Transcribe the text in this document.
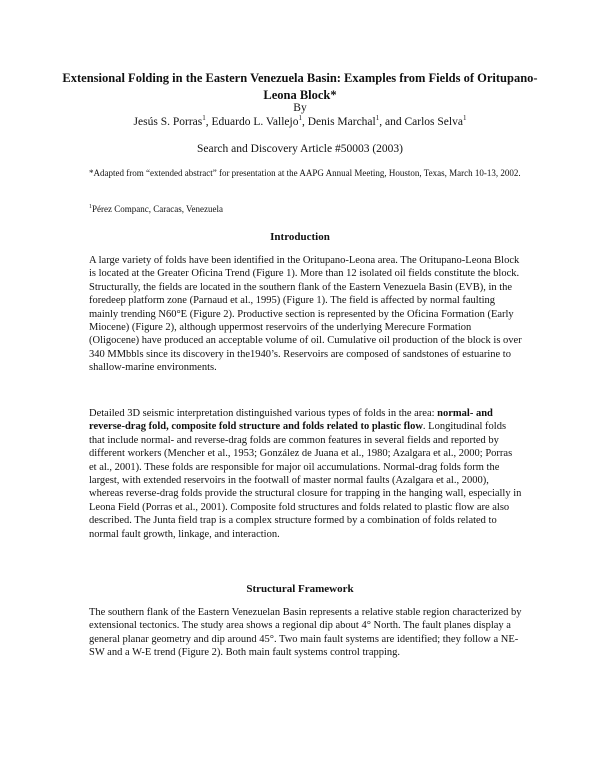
Extensional Folding in the Eastern Venezuela Basin: Examples from Fields of Oritupano-Leona Block*
By
Jesús S. Porras$^1$, Eduardo L. Vallejo$^1$, Denis Marchal$^1$, and Carlos Selva$^1$
Search and Discovery Article #50003 (2003)
*Adapted from “extended abstract” for presentation at the AAPG Annual Meeting, Houston, Texas, March 10-13, 2002.
$^1$Pérez Companc, Caracas, Venezuela
Introduction

A large variety of folds have been identified in the Oritupano-Leona area. The Oritupano-Leona Block is located at the Greater Oficina Trend (Figure 1). More than 12 isolated oil fields constitute the block. Structurally, the fields are located in the southern flank of the Eastern Venezuela Basin (EVB), in the foredeep platform zone (Parnaud et al., 1995) (Figure 1). The field is affected by normal faulting mainly trending N60°E (Figure 2). Productive section is represented by the Oficina Formation (Early Miocene) (Figure 2), although uppermost reservoirs of the underlying Merecure Formation (Oligocene) have produced an acceptable volume of oil. Cumulative oil production of the block is over 340 MMbbls since its discovery in the1940’s. Reservoirs are composed of sandstones of estuarine to shallow-marine environments.

Detailed 3D seismic interpretation distinguished various types of folds in the area: normal- and reverse-drag fold, composite fold structure and folds related to plastic flow. Longitudinal folds that include normal- and reverse-drag folds are common features in several fields and reported by different workers (Mencher et al., 1953; González de Juana et al., 1980; Azalgara et al., 2000; Porras et al., 2001). These folds are responsible for major oil accumulations. Normal-drag folds form the largest, with extended reservoirs in the footwall of master normal faults (Azalgara et al., 2000), whereas reverse-drag folds provide the structural closure for trapping in the hanging wall, especially in Leona Field (Porras et al., 2001). Composite fold structures and folds related to plastic flow are also described. The Junta field trap is a complex structure formed by a combination of folds related to normal fault growth, linkage, and interaction.

Structural Framework

The southern flank of the Eastern Venezuelan Basin represents a relative stable region characterized by extensional tectonics. The study area shows a regional dip about 4° North. The fault planes display a general planar geometry and dip around 45°. Two main fault systems are identified; they follow a NE-SW and a W-E trend (Figure 2). Both main fault systems control trapping.
